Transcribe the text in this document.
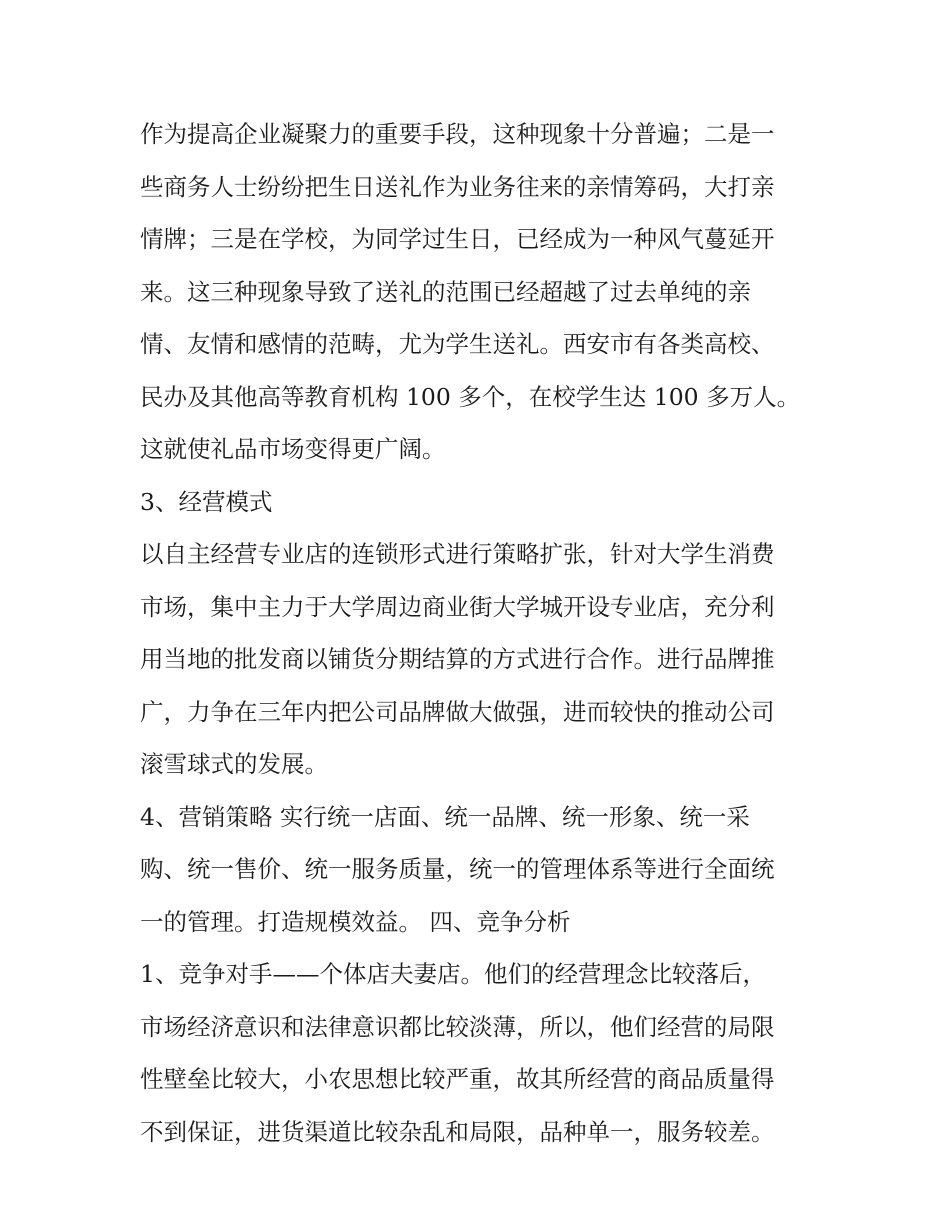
作为提高企业凝聚力的重要手段，这种现象十分普遍；二是一
些商务人士纷纷把生日送礼作为业务往来的亲情筹码，大打亲
情牌；三是在学校，为同学过生日，已经成为一种风气蔓延开
来。这三种现象导致了送礼的范围已经超越了过去单纯的亲
情、友情和感情的范畴，尤为学生送礼。西安市有各类高校、
民办及其他高等教育机构 100 多个，在校学生达 100 多万人。
这就使礼品市场变得更广阔。
3、经营模式
以自主经营专业店的连锁形式进行策略扩张，针对大学生消费
市场，集中主力于大学周边商业街大学城开设专业店，充分利
用当地的批发商以铺货分期结算的方式进行合作。进行品牌推
广，力争在三年内把公司品牌做大做强，进而较快的推动公司
滚雪球式的发展。
4、营销策略 实行统一店面、统一品牌、统一形象、统一采
购、统一售价、统一服务质量，统一的管理体系等进行全面统
一的管理。打造规模效益。 四、竞争分析
1、竞争对手——个体店夫妻店。他们的经营理念比较落后，
市场经济意识和法律意识都比较淡薄，所以，他们经营的局限
性壁垒比较大，小农思想比较严重，故其所经营的商品质量得
不到保证，进货渠道比较杂乱和局限，品种单一，服务较差。
